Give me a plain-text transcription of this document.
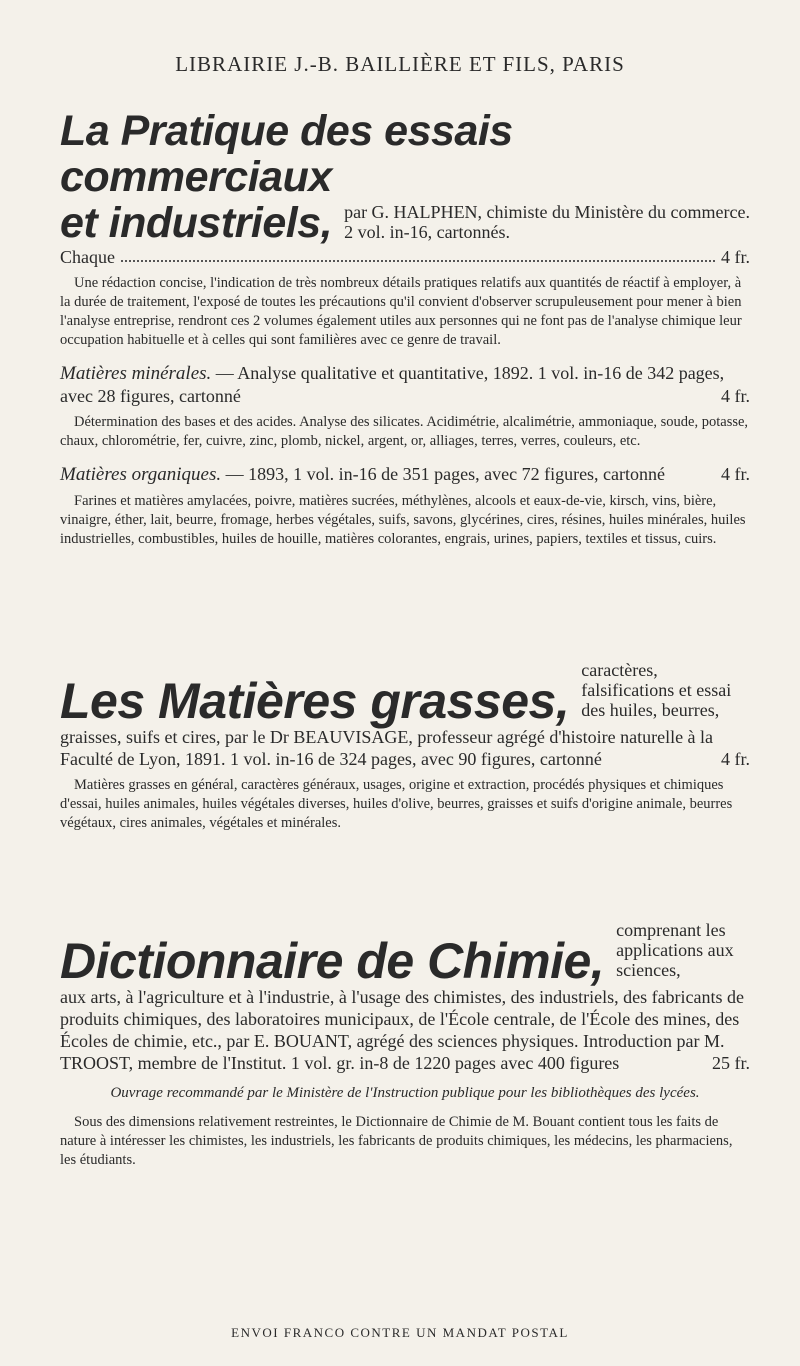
LIBRAIRIE J.-B. BAILLIÈRE ET FILS, PARIS
La Pratique des essais commerciaux
et industriels, par G. HALPHEN, chimiste du Ministère du commerce. 2 vol. in-16, cartonnés.
Chaque	4 fr.
Une rédaction concise, l'indication de très nombreux détails pratiques relatifs aux quantités de réactif à employer, à la durée de traitement, l'exposé de toutes les précautions qu'il convient d'observer scrupuleusement pour mener à bien l'analyse entreprise, rendront ces 2 volumes également utiles aux personnes qui ne font pas de l'analyse chimique leur occupation habituelle et à celles qui sont familières avec ce genre de travail.
Matières minérales. — Analyse qualitative et quantitative, 1892. 1 vol. in-16 de 342 pages, avec 28 figures, cartonné	4 fr.
Détermination des bases et des acides. Analyse des silicates. Acidimétrie, alcalimétrie, ammoniaque, soude, potasse, chaux, chlorométrie, fer, cuivre, zinc, plomb, nickel, argent, or, alliages, terres, verres, couleurs, etc.
Matières organiques. — 1893, 1 vol. in-16 de 351 pages, avec 72 figures, cartonné	4 fr.
Farines et matières amylacées, poivre, matières sucrées, méthylènes, alcools et eaux-de-vie, kirsch, vins, bière, vinaigre, éther, lait, beurre, fromage, herbes végétales, suifs, savons, glycérines, cires, résines, huiles minérales, huiles industrielles, combustibles, huiles de houille, matières colorantes, engrais, urines, papiers, textiles et tissus, cuirs.
Les Matières grasses,
caractères, falsifications et essai des huiles, beurres,
graisses, suifs et cires, par le Dr BEAUVISAGE, professeur agrégé d'histoire naturelle à la Faculté de Lyon, 1891. 1 vol. in-16 de 324 pages, avec 90 figures, cartonné	4 fr.
Matières grasses en général, caractères généraux, usages, origine et extraction, procédés physiques et chimiques d'essai, huiles animales, huiles végétales diverses, huiles d'olive, beurres, graisses et suifs d'origine animale, beurres végétaux, cires animales, végétales et minérales.
Dictionnaire de Chimie,
comprenant les applications aux sciences,
aux arts, à l'agriculture et à l'industrie, à l'usage des chimistes, des industriels, des fabricants de produits chimiques, des laboratoires municipaux, de l'École centrale, de l'École des mines, des Écoles de chimie, etc., par E. BOUANT, agrégé des sciences physiques. Introduction par M. TROOST, membre de l'Institut. 1 vol. gr. in-8 de 1220 pages avec 400 figures	25 fr.
Ouvrage recommandé par le Ministère de l'Instruction publique pour les bibliothèques des lycées.
Sous des dimensions relativement restreintes, le Dictionnaire de Chimie de M. Bouant contient tous les faits de nature à intéresser les chimistes, les industriels, les fabricants de produits chimiques, les médecins, les pharmaciens, les étudiants.
ENVOI FRANCO CONTRE UN MANDAT POSTAL
